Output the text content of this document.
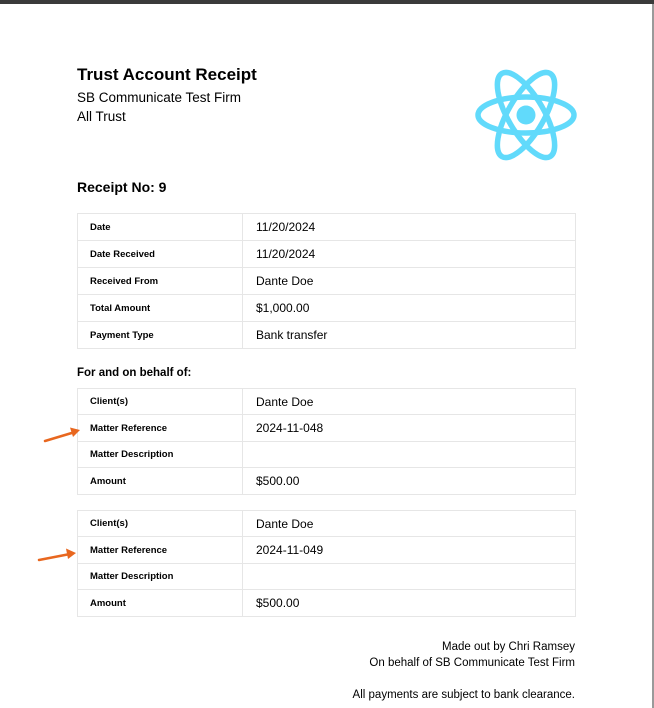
Trust Account Receipt
SB Communicate Test Firm
All Trust
Receipt No: 9
Date	11/20/2024
Date Received	11/20/2024
Received From	Dante Doe
Total Amount	$1,000.00
Payment Type	Bank transfer
For and on behalf of:
Client(s)	Dante Doe
Matter Reference	2024-11-048
Matter Description	
Amount	$500.00
Client(s)	Dante Doe
Matter Reference	2024-11-049
Matter Description	
Amount	$500.00
Made out by Chri Ramsey
On behalf of SB Communicate Test Firm
All payments are subject to bank clearance.
